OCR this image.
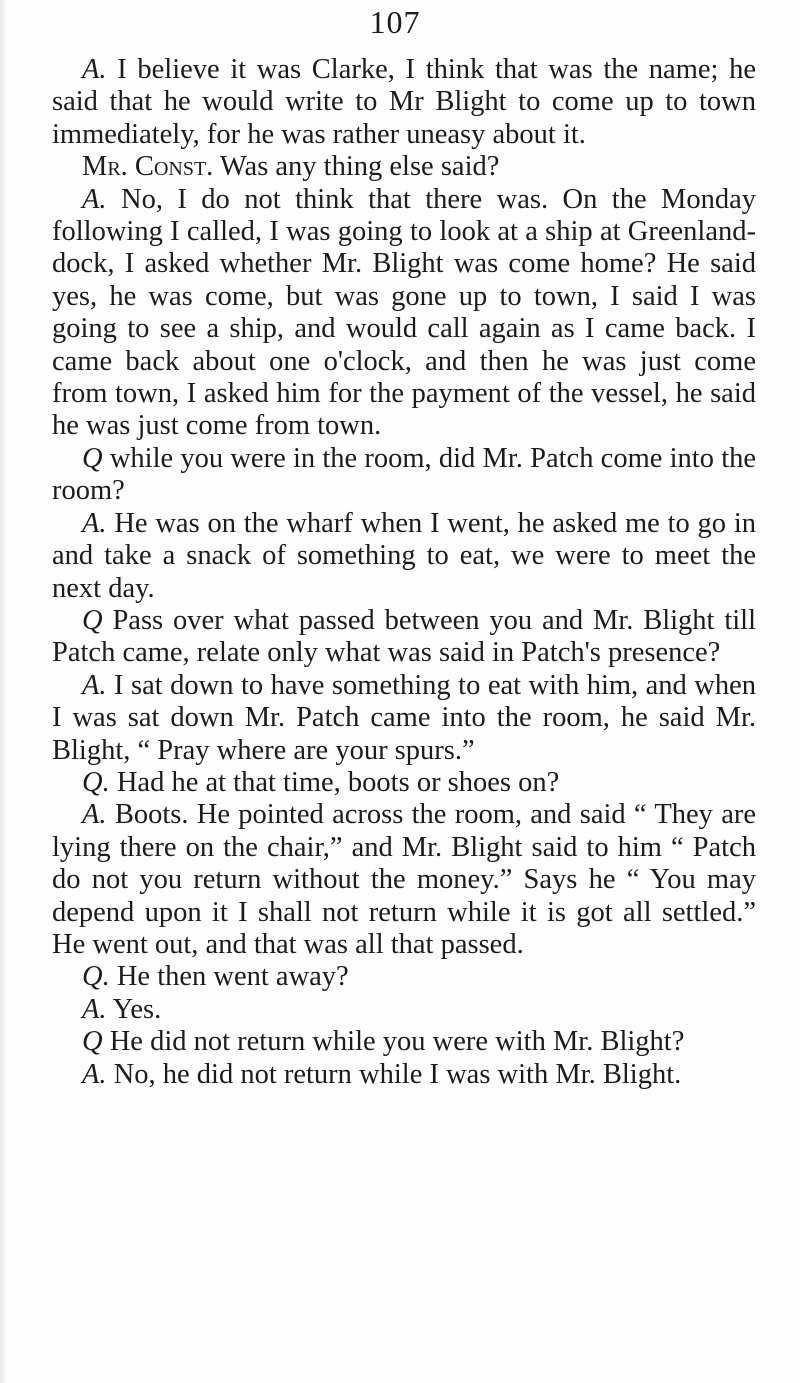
107

A. I believe it was Clarke, I think that was the name; he said that he would write to Mr Blight to come up to town immediately, for he was rather uneasy about it.

Mr. Const. Was any thing else said?

A. No, I do not think that there was. On the Monday following I called, I was going to look at a ship at Greenland-dock, I asked whether Mr. Blight was come home? He said yes, he was come, but was gone up to town, I said I was going to see a ship, and would call again as I came back. I came back about one o'clock, and then he was just come from town, I asked him for the payment of the vessel, he said he was just come from town.

Q while you were in the room, did Mr. Patch come into the room?

A. He was on the wharf when I went, he asked me to go in and take a snack of something to eat, we were to meet the next day.

Q Pass over what passed between you and Mr. Blight till Patch came, relate only what was said in Patch's presence?

A. I sat down to have something to eat with him, and when I was sat down Mr. Patch came into the room, he said Mr. Blight, “ Pray where are your spurs.”

Q. Had he at that time, boots or shoes on?

A. Boots. He pointed across the room, and said “ They are lying there on the chair,” and Mr. Blight said to him “ Patch do not you return without the money.” Says he “ You may depend upon it I shall not return while it is got all settled.” He went out, and that was all that passed.

Q. He then went away?

A. Yes.

Q He did not return while you were with Mr. Blight?

A. No, he did not return while I was with Mr. Blight.
